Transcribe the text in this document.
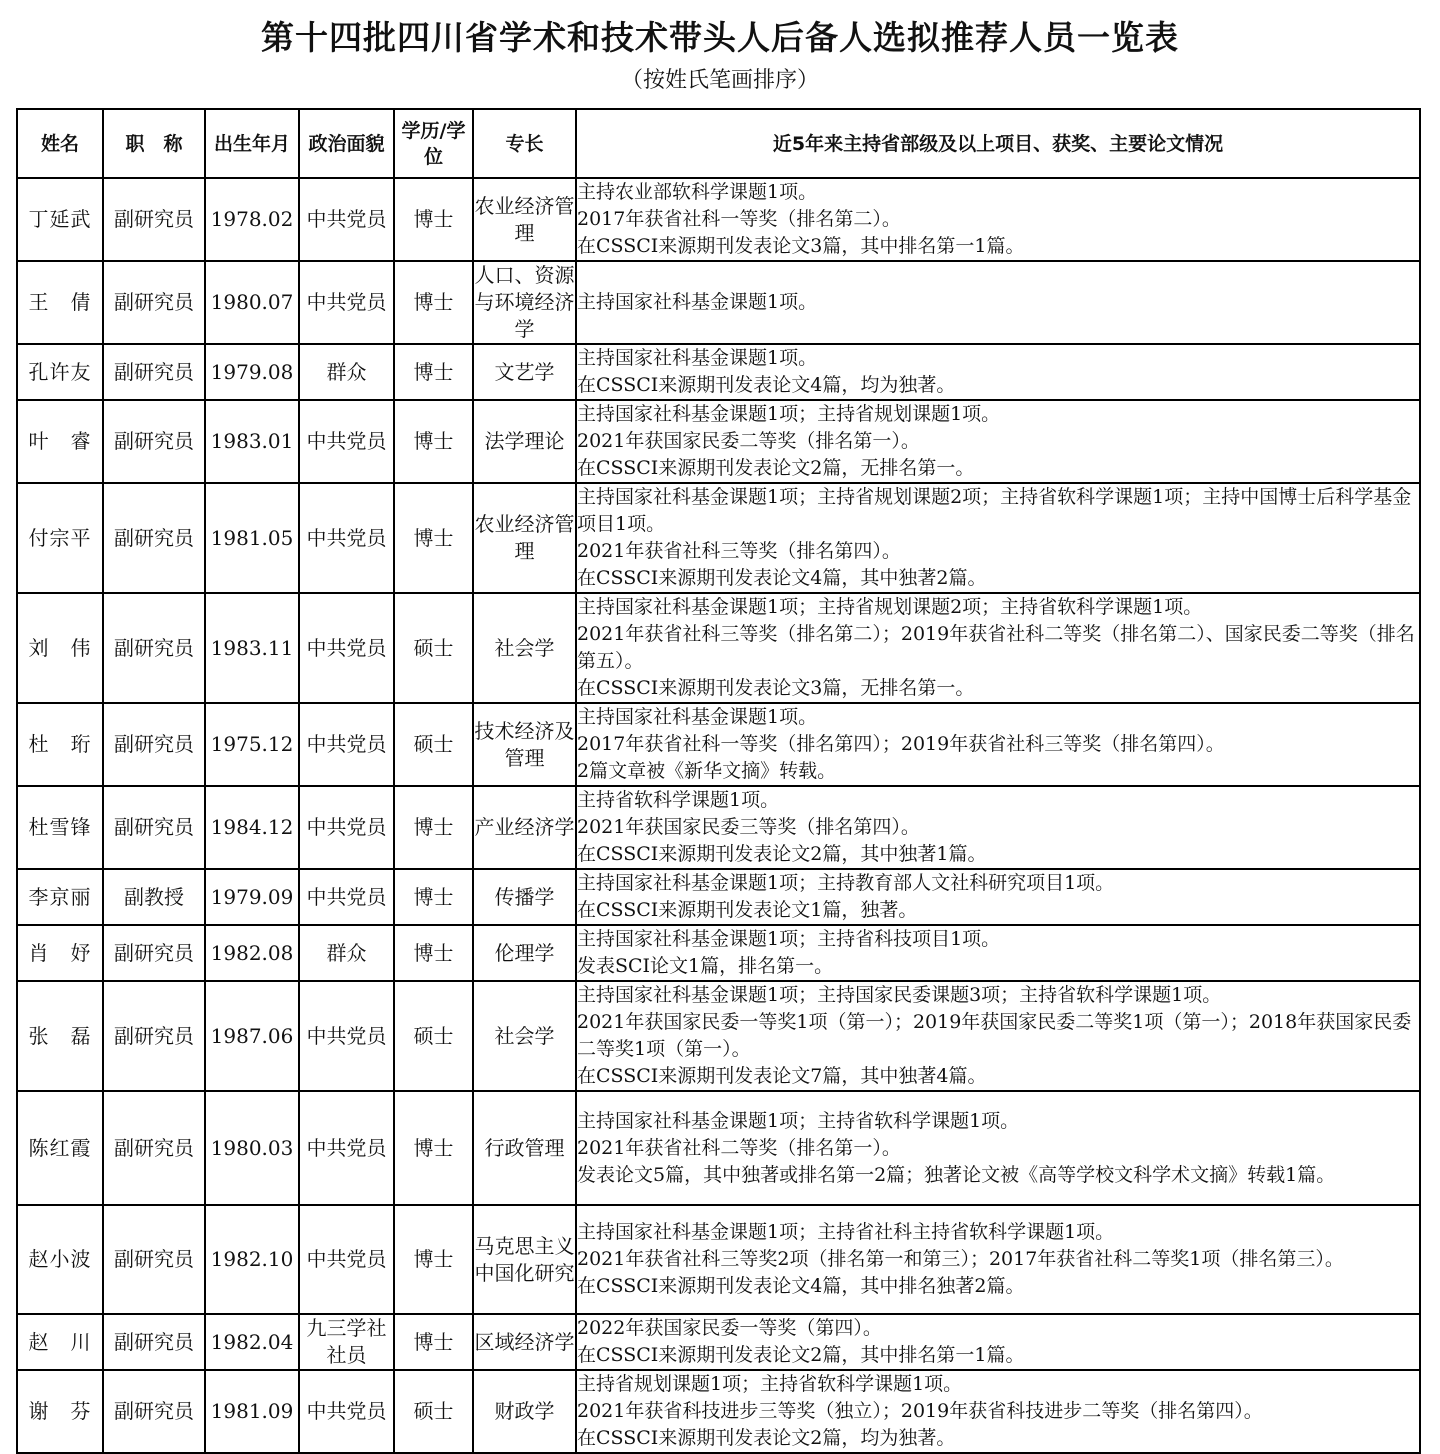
第十四批四川省学术和技术带头人后备人选拟推荐人员一览表
（按姓氏笔画排序）
姓名	职　称	出生年月	政治面貌	学历/学位	专长	近5年来主持省部级及以上项目、获奖、主要论文情况
丁延武	副研究员	1978.02	中共党员	博士	农业经济管理	主持农业部软科学课题1项。
2017年获省社科一等奖（排名第二）。
在CSSCI来源期刊发表论文3篇，其中排名第一1篇。

王　倩	副研究员	1980.07	中共党员	博士	人口、资源与环境经济学	主持国家社科基金课题1项。

孔许友	副研究员	1979.08	群众	博士	文艺学	主持国家社科基金课题1项。
在CSSCI来源期刊发表论文4篇，均为独著。

叶　睿	副研究员	1983.01	中共党员	博士	法学理论	主持国家社科基金课题1项；主持省规划课题1项。
2021年获国家民委二等奖（排名第一）。
在CSSCI来源期刊发表论文2篇，无排名第一。

付宗平	副研究员	1981.05	中共党员	博士	农业经济管理	主持国家社科基金课题1项；主持省规划课题2项；主持省软科学课题1项；主持中国博士后科学基金项目1项。
2021年获省社科三等奖（排名第四）。
在CSSCI来源期刊发表论文4篇，其中独著2篇。

刘　伟	副研究员	1983.11	中共党员	硕士	社会学	主持国家社科基金课题1项；主持省规划课题2项；主持省软科学课题1项。
2021年获省社科三等奖（排名第二）；2019年获省社科二等奖（排名第二）、国家民委二等奖（排名第五）。
在CSSCI来源期刊发表论文3篇，无排名第一。

杜　珩	副研究员	1975.12	中共党员	硕士	技术经济及管理	主持国家社科基金课题1项。
2017年获省社科一等奖（排名第四）；2019年获省社科三等奖（排名第四）。
2篇文章被《新华文摘》转载。

杜雪锋	副研究员	1984.12	中共党员	博士	产业经济学	主持省软科学课题1项。
2021年获国家民委三等奖（排名第四）。
在CSSCI来源期刊发表论文2篇，其中独著1篇。

李京丽	副教授	1979.09	中共党员	博士	传播学	主持国家社科基金课题1项；主持教育部人文社科研究项目1项。
在CSSCI来源期刊发表论文1篇，独著。

肖　妤	副研究员	1982.08	群众	博士	伦理学	主持国家社科基金课题1项；主持省科技项目1项。
发表SCI论文1篇，排名第一。

张　磊	副研究员	1987.06	中共党员	硕士	社会学	主持国家社科基金课题1项；主持国家民委课题3项；主持省软科学课题1项。
2021年获国家民委一等奖1项（第一）；2019年获国家民委二等奖1项（第一）；2018年获国家民委二等奖1项（第一）。
在CSSCI来源期刊发表论文7篇，其中独著4篇。

陈红霞	副研究员	1980.03	中共党员	博士	行政管理	主持国家社科基金课题1项；主持省软科学课题1项。
2021年获省社科二等奖（排名第一）。
发表论文5篇，其中独著或排名第一2篇；独著论文被《高等学校文科学术文摘》转载1篇。

赵小波	副研究员	1982.10	中共党员	博士	马克思主义中国化研究	主持国家社科基金课题1项；主持省社科主持省软科学课题1项。
2021年获省社科三等奖2项（排名第一和第三）；2017年获省社科二等奖1项（排名第三）。
在CSSCI来源期刊发表论文4篇，其中排名独著2篇。

赵　川	副研究员	1982.04	九三学社社员	博士	区域经济学	2022年获国家民委一等奖（第四）。
在CSSCI来源期刊发表论文2篇，其中排名第一1篇。

谢　芬	副研究员	1981.09	中共党员	硕士	财政学	主持省规划课题1项；主持省软科学课题1项。
2021年获省科技进步三等奖（独立）；2019年获省科技进步二等奖（排名第四）。
在CSSCI来源期刊发表论文2篇，均为独著。
